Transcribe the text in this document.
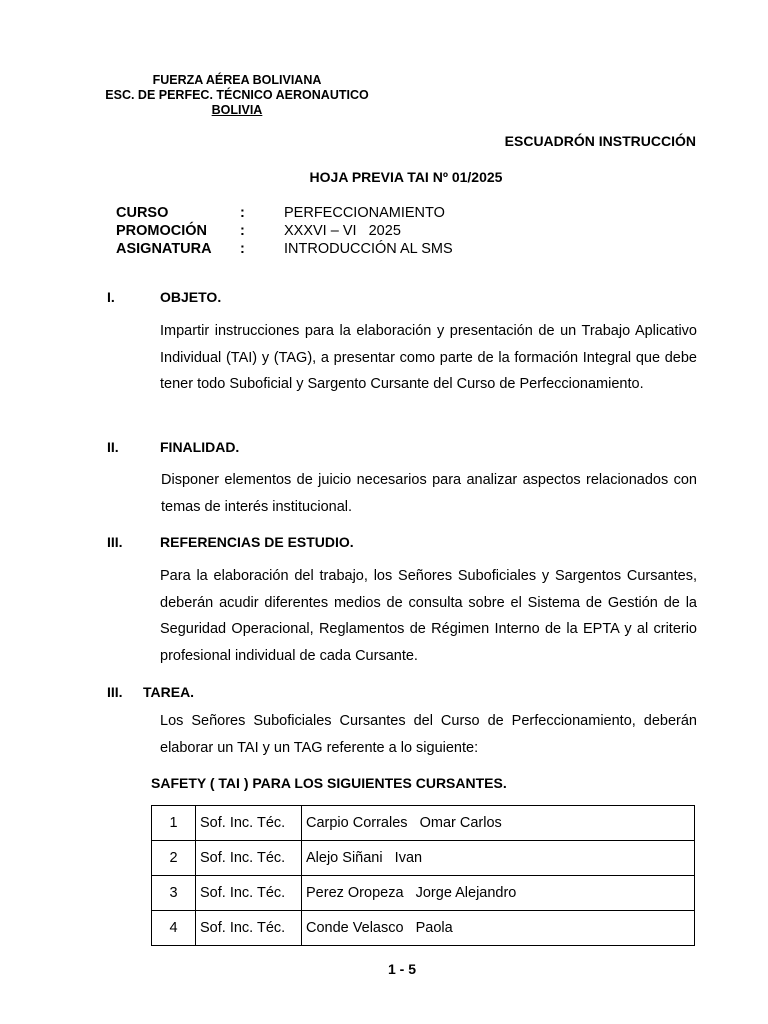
FUERZA AÉREA BOLIVIANA
ESC. DE PERFEC. TÉCNICO AERONAUTICO
BOLIVIA
ESCUADRÓN INSTRUCCIÓN
HOJA PREVIA TAI Nº 01/2025
CURSO	:	PERFECCIONAMIENTO
PROMOCIÓN	:	XXXVI – VI   2025
ASIGNATURA	:	INTRODUCCIÓN AL SMS
I.	OBJETO.
Impartir instrucciones para la elaboración y presentación de un Trabajo Aplicativo Individual (TAI) y (TAG), a presentar como parte de la formación Integral que debe tener todo Suboficial y Sargento Cursante del Curso de Perfeccionamiento.
II.	FINALIDAD.
Disponer elementos de juicio necesarios para analizar aspectos relacionados con temas de interés institucional.
III.	REFERENCIAS DE ESTUDIO.
Para la elaboración del trabajo, los Señores Suboficiales y Sargentos Cursantes, deberán acudir diferentes medios de consulta sobre el Sistema de Gestión de la Seguridad Operacional, Reglamentos de Régimen Interno de la EPTA y al criterio profesional individual de cada Cursante.
III. TAREA.
Los Señores Suboficiales Cursantes del Curso de Perfeccionamiento, deberán elaborar un TAI y un TAG referente a lo siguiente:
SAFETY ( TAI ) PARA LOS SIGUIENTES CURSANTES.
1	Sof. Inc. Téc.	Carpio Corrales   Omar Carlos
2	Sof. Inc. Téc.	Alejo Siñani   Ivan
3	Sof. Inc. Téc.	Perez Oropeza   Jorge Alejandro
4	Sof. Inc. Téc.	Conde Velasco   Paola
1 - 5
